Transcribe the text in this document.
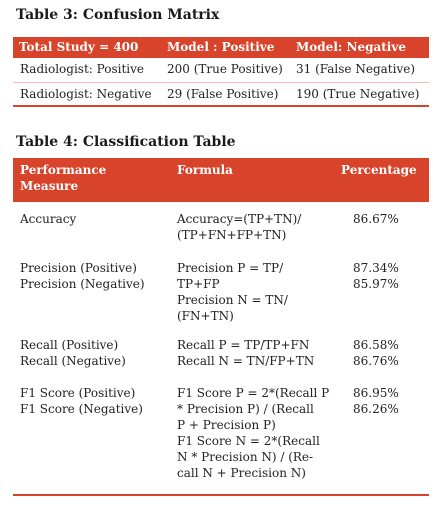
Table 3: Confusion Matrix
Total Study = 400 Model : Positive Model: Negative
Radiologist: Positive 200 (True Positive) 31 (False Negative)
Radiologist: Negative 29 (False Positive) 190 (True Negative)
Table 4: Classification Table
Performance Measure
Formula	Percentage
Accuracy	Accuracy=(TP+TN)/
(TP+FN+FP+TN)
86.67%
Precision (Positive)
Precision (Negative)
Precision P = TP/
TP+FP
Precision N = TN/
(FN+TN)
87.34%
85.97%
Recall (Positive)
Recall (Negative)
Recall P = TP/TP+FN
Recall N = TN/FP+TN
86.58%
86.76%
F1 Score (Positive)
F1 Score (Negative)
F1 Score P = 2*(Recall P
* Precision P) / (Recall
P + Precision P)
F1 Score N = 2*(Recall
N * Precision N) / (Re-
call N + Precision N)
86.95%
86.26%
